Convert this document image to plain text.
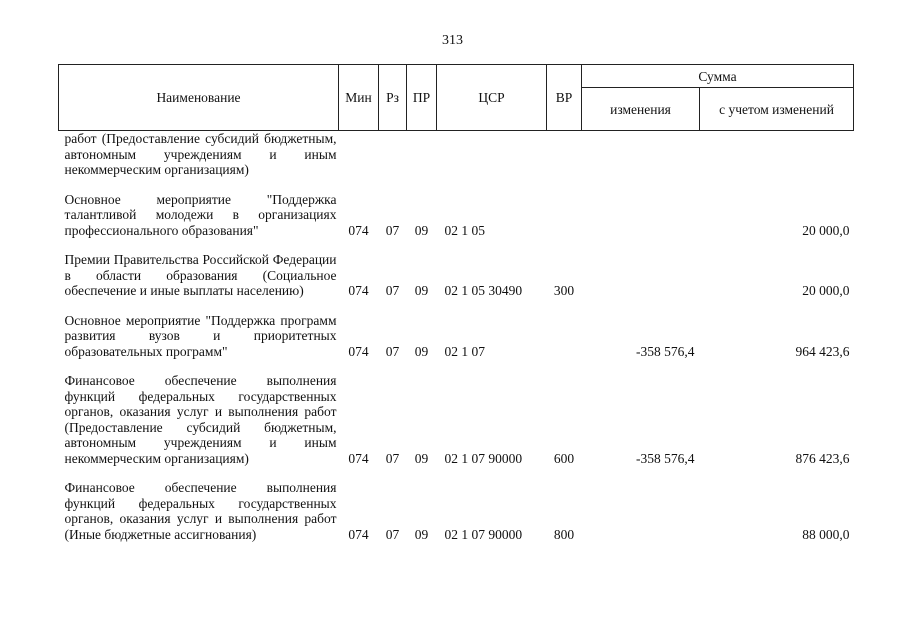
313
Наименование	Мин	Рз	ПР	ЦСР	ВР	Сумма	
						изменения	с учетом изменений
работ (Предоставление субсидий бюджетным, автономным учреждениям и иным некоммерческим организациям)							
Основное мероприятие "Поддержка талантливой молодежи в организациях профессионального образования"	074	07	09	02 1 05			20 000,0
Премии Правительства Российской Федерации в области образования (Социальное обеспечение и иные выплаты населению)	074	07	09	02 1 05 30490	300		20 000,0
Основное мероприятие "Поддержка программ развития вузов и приоритетных образовательных программ"	074	07	09	02 1 07		-358 576,4	964 423,6
Финансовое обеспечение выполнения функций федеральных государственных органов, оказания услуг и выполнения работ (Предоставление субсидий бюджетным, автономным учреждениям и иным некоммерческим организациям)	074	07	09	02 1 07 90000	600	-358 576,4	876 423,6
Финансовое обеспечение выполнения функций федеральных государственных органов, оказания услуг и выполнения работ (Иные бюджетные ассигнования)	074	07	09	02 1 07 90000	800		88 000,0
